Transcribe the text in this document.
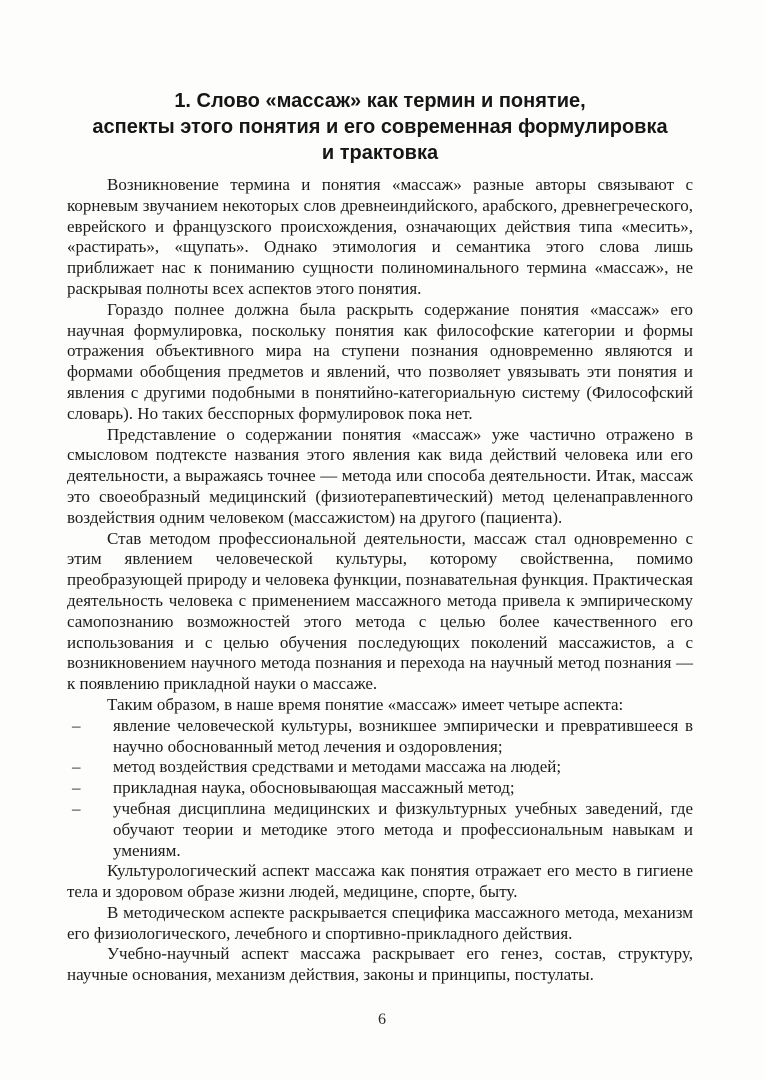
1. Слово «массаж» как термин и понятие,
аспекты этого понятия и его современная формулировка
и трактовка

Возникновение термина и понятия «массаж» разные авторы связывают с корневым звучанием некоторых слов древнеиндийского, арабского, древнегреческого, еврейского и французского происхождения, означающих действия типа «месить», «растирать», «щупать». Однако этимология и семантика этого слова лишь приближает нас к пониманию сущности полиноминального термина «массаж», не раскрывая полноты всех аспектов этого понятия.

Гораздо полнее должна была раскрыть содержание понятия «массаж» его научная формулировка, поскольку понятия как философские категории и формы отражения объективного мира на ступени познания одновременно являются и формами обобщения предметов и явлений, что позволяет увязывать эти понятия и явления с другими подобными в понятийно-категориальную систему (Философский словарь). Но таких бесспорных формулировок пока нет.

Представление о содержании понятия «массаж» уже частично отражено в смысловом подтексте названия этого явления как вида действий человека или его деятельности, а выражаясь точнее — метода или способа деятельности. Итак, массаж это своеобразный медицинский (физиотерапевтический) метод целенаправленного воздействия одним человеком (массажистом) на другого (пациента).

Став методом профессиональной деятельности, массаж стал одновременно с этим явлением человеческой культуры, которому свойственна, помимо преобразующей природу и человека функции, познавательная функция. Практическая деятельность человека с применением массажного метода привела к эмпирическому самопознанию возможностей этого метода с целью более качественного его использования и с целью обучения последующих поколений массажистов, а с возникновением научного метода познания и перехода на научный метод познания — к появлению прикладной науки о массаже.

Таким образом, в наше время понятие «массаж» имеет четыре аспекта:

– явление человеческой культуры, возникшее эмпирически и превратившееся в научно обоснованный метод лечения и оздоровления;
– метод воздействия средствами и методами массажа на людей;
– прикладная наука, обосновывающая массажный метод;
– учебная дисциплина медицинских и физкультурных учебных заведений, где обучают теории и методике этого метода и профессиональным навыкам и умениям.

Культурологический аспект массажа как понятия отражает его место в гигиене тела и здоровом образе жизни людей, медицине, спорте, быту.

В методическом аспекте раскрывается специфика массажного метода, механизм его физиологического, лечебного и спортивно-прикладного действия.

Учебно-научный аспект массажа раскрывает его генез, состав, структуру, научные основания, механизм действия, законы и принципы, постулаты.

6
